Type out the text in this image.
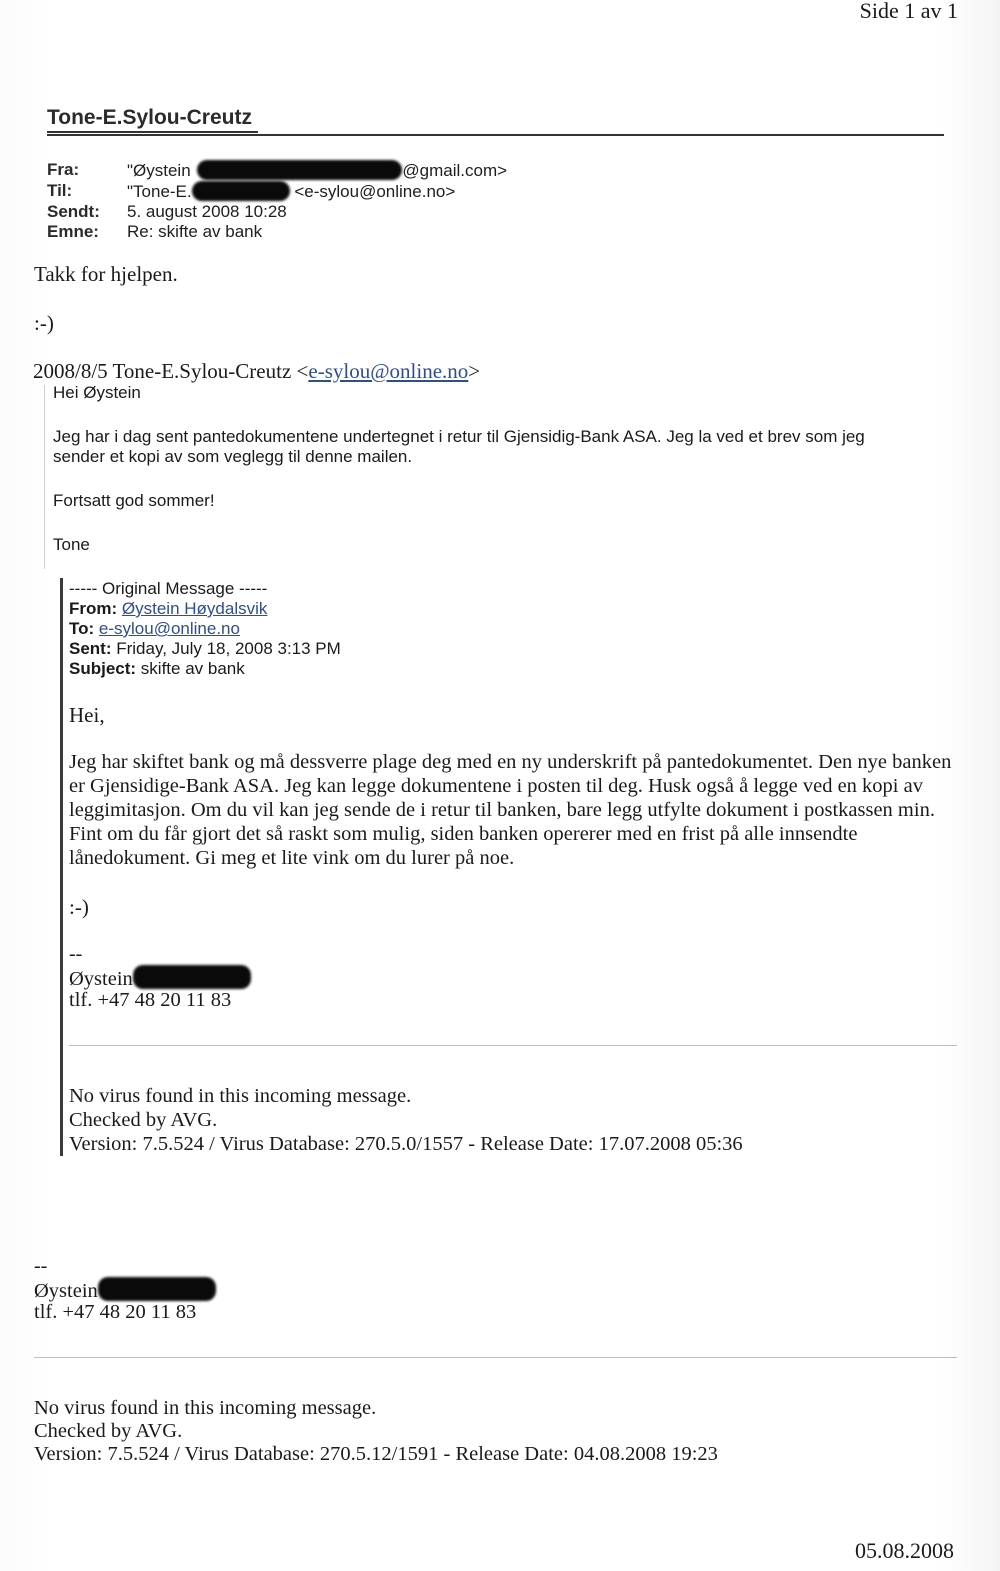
Side 1 av 1
Tone-E.Sylou-Creutz
Fra:	"Øystein	@gmail.com>
Til:	"Tone-E.	<e-sylou@online.no>
Sendt:	5. august 2008 10:28
Emne:	Re: skifte av bank
Takk for hjelpen.
:-)
2008/8/5 Tone-E.Sylou-Creutz <e-sylou@online.no>
Hei Øystein
Jeg har i dag sent pantedokumentene undertegnet i retur til Gjensidig-Bank ASA. Jeg la ved et brev som jeg
sender et kopi av som veglegg til denne mailen.
Fortsatt god sommer!
Tone
----- Original Message -----
From: Øystein Høydalsvik
To: e-sylou@online.no
Sent: Friday, July 18, 2008 3:13 PM
Subject: skifte av bank
Hei,
Jeg har skiftet bank og må dessverre plage deg med en ny underskrift på pantedokumentet. Den nye banken er Gjensidige-Bank ASA. Jeg kan legge dokumentene i posten til deg. Husk også å legge ved en kopi av leggimitasjon. Om du vil kan jeg sende de i retur til banken, bare legg utfylte dokument i postkassen min. Fint om du får gjort det så raskt som mulig, siden banken opererer med en frist på alle innsendte lånedokument. Gi meg et lite vink om du lurer på noe.
:-)
--
Øystein
tlf. +47 48 20 11 83
No virus found in this incoming message.
Checked by AVG.
Version: 7.5.524 / Virus Database: 270.5.0/1557 - Release Date: 17.07.2008 05:36
--
Øystein
tlf. +47 48 20 11 83
No virus found in this incoming message.
Checked by AVG.
Version: 7.5.524 / Virus Database: 270.5.12/1591 - Release Date: 04.08.2008 19:23
05.08.2008
